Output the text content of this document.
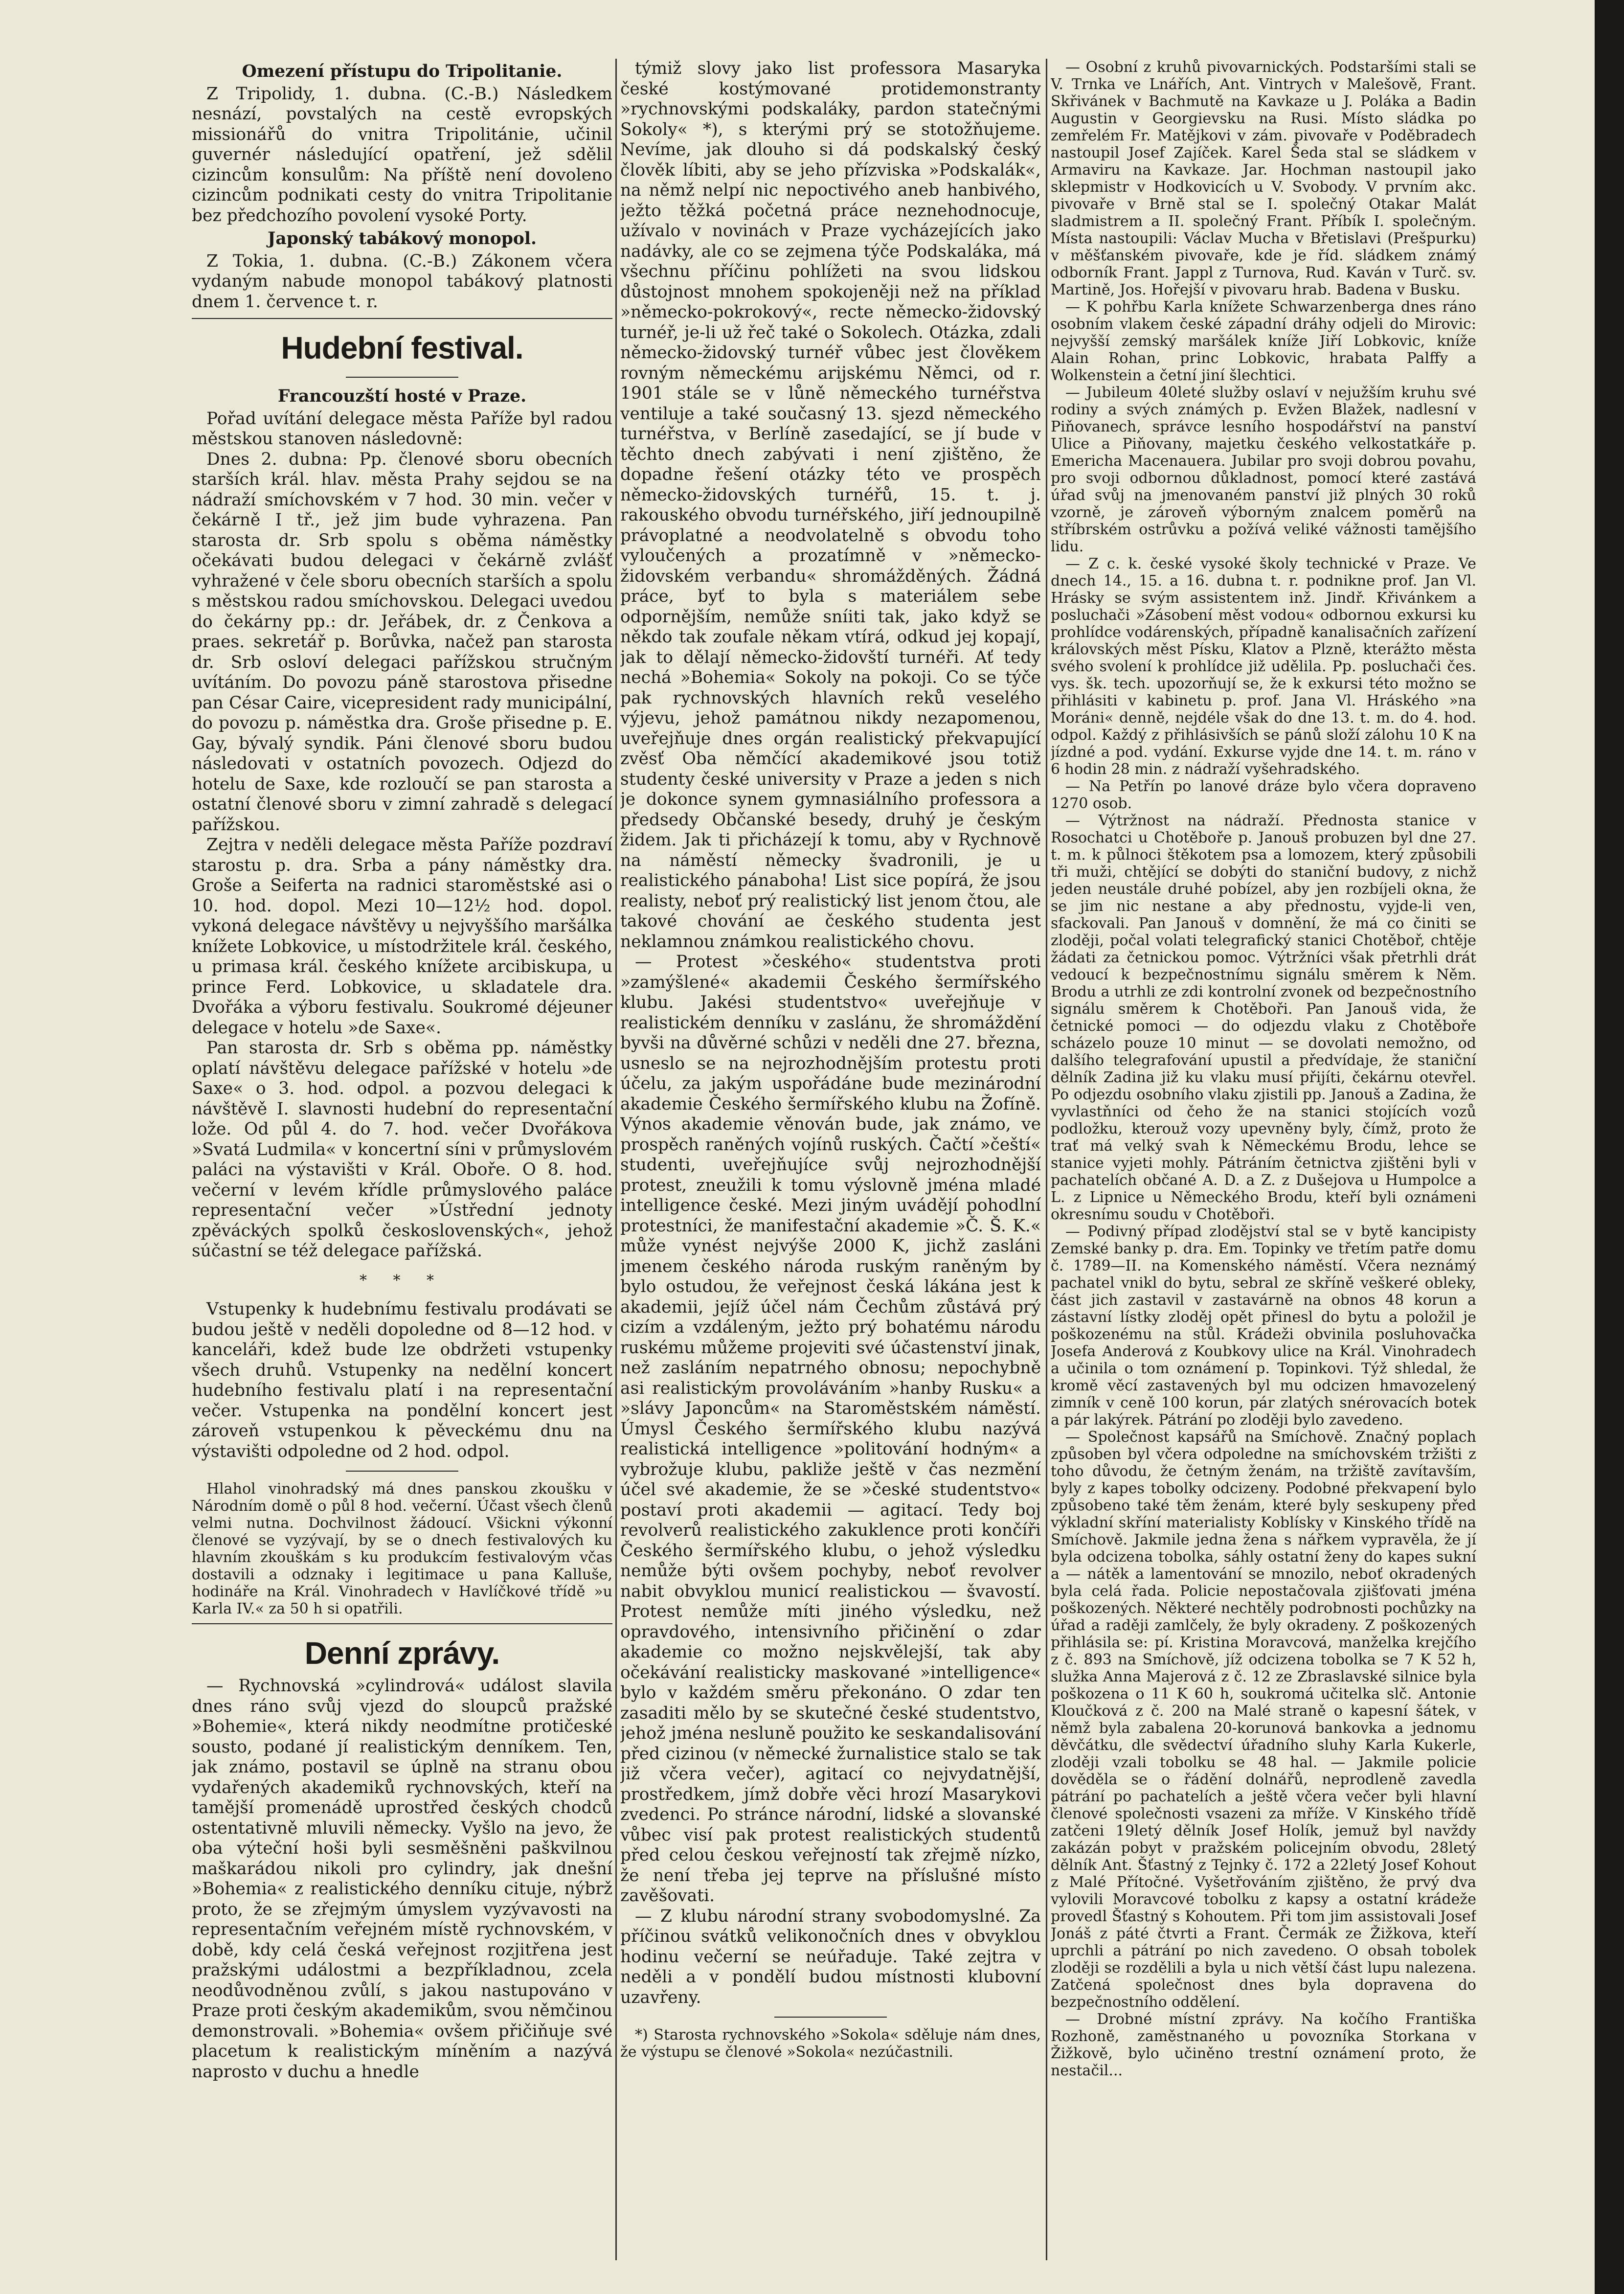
Omezení přístupu do Tripolitanie.

Z Tripolidy, 1. dubna. (C.-B.) Následkem nesnází, povstalých na cestě evropských missionářů do vnitra Tripolitánie, učinil guvernér následující opatření, jež sdělil cizincům konsulům: Na příště není dovoleno cizincům podnikati cesty do vnitra Tripolitanie bez předchozího povolení vysoké Porty.

Japonský tabákový monopol.

Z Tokia, 1. dubna. (C.-B.) Zákonem včera vydaným nabude monopol tabákový platnosti dnem 1. července t. r.

Hudební festival.

Francouzští hosté v Praze.

Pořad uvítání delegace města Paříže byl radou městskou stanoven následovně:

Dnes 2. dubna: Pp. členové sboru obecních starších král. hlav. města Prahy sejdou se na nádraží smíchovském v 7 hod. 30 min. večer v čekárně I tř., jež jim bude vyhrazena. Pan starosta dr. Srb spolu s oběma náměstky očekávati budou delegaci v čekárně zvlášť vyhražené v čele sboru obecních starších a spolu s městskou radou smíchovskou. Delegaci uvedou do čekárny pp.: dr. Jeřábek, dr. z Čenkova a praes. sekretář p. Borůvka, načež pan starosta dr. Srb osloví delegaci pařížskou stručným uvítáním. Do povozu páně starostova přisedne pan César Caire, vicepresident rady municipální, do povozu p. náměstka dra. Groše přisedne p. E. Gay, bývalý syndik. Páni členové sboru budou následovati v ostatních povozech. Odjezd do hotelu de Saxe, kde rozloučí se pan starosta a ostatní členové sboru v zimní zahradě s delegací pařížskou.

Zejtra v neděli delegace města Paříže pozdraví starostu p. dra. Srba a pány náměstky dra. Groše a Seiferta na radnici staroměstské asi o 10. hod. dopol. Mezi 10—12½ hod. dopol. vykoná delegace návštěvy u nejvyššího maršálka knížete Lobkovice, u místodržitele král. českého, u primasa král. českého knížete arcibiskupa, u prince Ferd. Lobkovice, u skladatele dra. Dvořáka a výboru festivalu. Soukromé déjeuner delegace v hotelu »de Saxe«.

Pan starosta dr. Srb s oběma pp. náměstky oplatí návštěvu delegace pařížské v hotelu »de Saxe« o 3. hod. odpol. a pozvou delegaci k návštěvě I. slavnosti hudební do representační lože. Od půl 4. do 7. hod. večer Dvořákova »Svatá Ludmila« v koncertní síni v průmyslovém paláci na výstavišti v Král. Oboře. O 8. hod. večerní v levém křídle průmyslového paláce representační večer »Ústřední jednoty zpěváckých spolků československých«, jehož súčastní se též delegace pařížská.

* * *

Vstupenky k hudebnímu festivalu prodávati se budou ještě v neděli dopoledne od 8—12 hod. v kanceláři, kdež bude lze obdržeti vstupenky všech druhů. Vstupenky na nedělní koncert hudebního festivalu platí i na representační večer. Vstupenka na pondělní koncert jest zároveň vstupenkou k pěveckému dnu na výstavišti odpoledne od 2 hod. odpol.

Hlahol vinohradský má dnes panskou zkoušku v Národním domě o půl 8 hod. večerní. Účast všech členů velmi nutna. Dochvilnost žádoucí. Všickni výkonní členové se vyzývají, by se o dnech festivalových ku hlavním zkouškám s ku produkcím festivalovým včas dostavili a odznaky i legitimace u pana Kalluše, hodináře na Král. Vinohradech v Havlíčkové třídě »u Karla IV.« za 50 h si opatřili.

Denní zprávy.

— Rychnovská »cylindrová« událost slavila dnes ráno svůj vjezd do sloupců pražské »Bohemie«, která nikdy neodmítne protičeské sousto, podané jí realistickým denníkem. Ten, jak známo, postavil se úplně na stranu obou vydařených akademiků rychnovských, kteří na tamější promenádě uprostřed českých chodců ostentativně mluvili německy. Vyšlo na jevo, že oba výteční hoši byli sesměšněni paškvilnou maškarádou nikoli pro cylindry, jak dnešní »Bohemia« z realistického denníku cituje, nýbrž proto, že se zřejmým úmyslem vyzývavosti na representačním veřejném místě rychnovském, v době, kdy celá česká veřejnost rozjitřena jest pražskými událostmi a bezpříkladnou, zcela neodůvodněnou zvůlí, s jakou nastupováno v Praze proti českým akademikům, svou němčinou demonstrovali. »Bohemia« ovšem přičiňuje své placetum k realistickým míněním a nazývá naprosto v duchu a hnedle

týmiž slovy jako list professora Masaryka české kostýmované protidemonstranty »rychnovskými podskaláky, pardon statečnými Sokoly« *), s kterými prý se stotožňujeme. Nevíme, jak dlouho si dá podskalský český člověk líbiti, aby se jeho přízviska »Podskalák«, na němž nelpí nic nepoctivého aneb hanbivého, ježto těžká početná práce neznehodnocuje, užívalo v novinách v Praze vycházejících jako nadávky, ale co se zejmena týče Podskaláka, má všechnu příčinu pohlížeti na svou lidskou důstojnost mnohem spokojeněji než na příklad »německo-pokrokový«, recte německo-židovský turnéř, je-li už řeč také o Sokolech. Otázka, zdali německo-židovský turnéř vůbec jest člověkem rovným německému arijskému Němci, od r. 1901 stále se v lůně německého turnéřstva ventiluje a také současný 13. sjezd německého turnéřstva, v Berlíně zasedající, se jí bude v těchto dnech zabývati i není zjištěno, že dopadne řešení otázky této ve prospěch německo-židovských turnéřů, 15. t. j. rakouského obvodu turnéřského, jiří jednoupilně právoplatné a neodvolatelně s obvodu toho vyloučených a prozatímně v »německo-židovském verbandu« shromážděných. Žádná práce, byť to byla s materiálem sebe odpornějším, nemůže sníiti tak, jako když se někdo tak zoufale někam vtírá, odkud jej kopají, jak to dělají německo-židovští turnéři. Ať tedy nechá »Bohemia« Sokoly na pokoji. Co se týče pak rychnovských hlavních reků veselého výjevu, jehož památnou nikdy nezapomenou, uveřejňuje dnes orgán realistický překvapující zvěsť Oba němčící akademikové jsou totiž studenty české university v Praze a jeden s nich je dokonce synem gymnasiálního professora a předsedy Občanské besedy, druhý je českým židem. Jak ti přicházejí k tomu, aby v Rychnově na náměstí německy švadronili, je u realistického pánaboha! List sice popírá, že jsou realisty, neboť prý realistický list jenom čtou, ale takové chování ae českého studenta jest neklamnou známkou realistického chovu.

— Protest »českého« studentstva proti »zamýšlené« akademii Českého šermířského klubu. Jakési studentstvo« uveřejňuje v realistickém denníku v zaslánu, že shromáždění byvši na důvěrné schůzi v neděli dne 27. března, usneslo se na nejrozhodnějším protestu proti účelu, za jakým uspořádáne bude mezinárodní akademie Českého šermířského klubu na Žofíně. Výnos akademie věnován bude, jak známo, ve prospěch raněných vojínů ruských. Čačtí »čeští« studenti, uveřejňujíce svůj nejrozhodnější protest, zneužili k tomu výslovně jména mladé intelligence české. Mezi jiným uvádějí pohodlní protestníci, že manifestační akademie »Č. Š. K.« může vynést nejvýše 2000 K, jichž zasláni jmenem českého národa ruským raněným by bylo ostudou, že veřejnost česká lákána jest k akademii, jejíž účel nám Čechům zůstává prý cizím a vzdáleným, ježto prý bohatému národu ruskému můžeme projeviti své účastenství jinak, než zasláním nepatrného obnosu; nepochybně asi realistickým provoláváním »hanby Rusku« a »slávy Japoncům« na Staroměstském náměstí. Úmysl Českého šermířského klubu nazývá realistická intelligence »politování hodným« a vybrožuje klubu, pakliže ještě v čas nezmění účel své akademie, že se »české studentstvo« postaví proti akademii — agitací. Tedy boj revolverů realistického zakuklence proti končíři Českého šermířského klubu, o jehož výsledku nemůže býti ovšem pochyby, neboť revolver nabit obvyklou municí realistickou — švavostí. Protest nemůže míti jiného výsledku, než opravdového, intensivního přičinění o zdar akademie co možno nejskvělejší, tak aby očekávání realisticky maskované »intelligence« bylo v každém směru překonáno. O zdar ten zasaditi mělo by se skutečné české studentstvo, jehož jména nesluně použito ke seskandalisování před cizinou (v německé žurnalistice stalo se tak již včera večer), agitací co nejvydatnější, prostředkem, jímž dobře věci hrozí Masarykovi zvedenci. Po stránce národní, lidské a slovanské vůbec visí pak protest realistických studentů před celou českou veřejností tak zřejmě nízko, že není třeba jej teprve na příslušné místo zavěšovati.

— Z klubu národní strany svobodomyslné. Za příčinou svátků velikonočních dnes v obvyklou hodinu večerní se neúřaduje. Také zejtra v neděli a v pondělí budou místnosti klubovní uzavřeny.

*) Starosta rychnovského »Sokola« sděluje nám dnes, že výstupu se členové »Sokola« nezúčastnili.

— Osobní z kruhů pivovarnických. Podstaršími stali se V. Trnka ve Lnářích, Ant. Vintrych v Malešově, Frant. Skřivánek v Bachmutě na Kavkaze u J. Poláka a Badin Augustin v Georgievsku na Rusi. Místo sládka po zemřelém Fr. Matějkovi v zám. pivovaře v Poděbradech nastoupil Josef Zajíček. Karel Šeda stal se sládkem v Armaviru na Kavkaze. Jar. Hochman nastoupil jako sklepmistr v Hodkovicích u V. Svobody. V prvním akc. pivovaře v Brně stal se I. společný Otakar Malát sladmistrem a II. společný Frant. Příbík I. společným. Místa nastoupili: Václav Mucha v Břetislavi (Prešpurku) v měšťanském pivovaře, kde je říd. sládkem známý odborník Frant. Jappl z Turnova, Rud. Kaván v Turč. sv. Martině, Jos. Hořejší v pivovaru hrab. Badena v Busku.

— K pohřbu Karla knížete Schwarzenberga dnes ráno osobním vlakem české západní dráhy odjeli do Mirovic: nejvyšší zemský maršálek kníže Jiří Lobkovic, kníže Alain Rohan, princ Lobkovic, hrabata Palffy a Wolkenstein a četní jiní šlechtici.

— Jubileum 40leté služby oslaví v nejužším kruhu své rodiny a svých známých p. Evžen Blažek, nadlesní v Piňovanech, správce lesního hospodářství na panství Ulice a Piňovany, majetku českého velkostatkáře p. Emericha Macenauera. Jubilar pro svoji dobrou povahu, pro svoji odbornou důkladnost, pomocí které zastává úřad svůj na jmenovaném panství již plných 30 roků vzorně, je zároveň výborným znalcem poměrů na stříbrském ostrůvku a požívá veliké vážnosti tamějšího lidu.

— Z c. k. české vysoké školy technické v Praze. Ve dnech 14., 15. a 16. dubna t. r. podnikne prof. Jan Vl. Hrásky se svým assistentem inž. Jindř. Křivánkem a posluchači »Zásobení měst vodou« odbornou exkursi ku prohlídce vodárenských, případně kanalisačních zařízení královských měst Písku, Klatov a Plzně, kterážto města svého svolení k prohlídce již udělila. Pp. posluchači čes. vys. šk. tech. upozorňují se, že k exkursi této možno se přihlásiti v kabinetu p. prof. Jana Vl. Hráského »na Moráni« denně, nejdéle však do dne 13. t. m. do 4. hod. odpol. Každý z přihlásivších se pánů složí zálohu 10 K na jízdné a pod. vydání. Exkurse vyjde dne 14. t. m. ráno v 6 hodin 28 min. z nádraží vyšehradského.

— Na Petřín po lanové dráze bylo včera dopraveno 1270 osob.

— Výtržnost na nádraží. Přednosta stanice v Rosochatci u Chotěboře p. Janouš probuzen byl dne 27. t. m. k půlnoci štěkotem psa a lomozem, který způsobili tři muži, chtějící se dobýti do staniční budovy, z nichž jeden neustále druhé pobízel, aby jen rozbíjeli okna, že se jim nic nestane a aby přednostu, vyjde-li ven, sfackovali. Pan Janouš v domnění, že má co činiti se zloději, počal volati telegrafický stanici Chotěboř, chtěje žádati za četnickou pomoc. Výtržníci však přetrhli drát vedoucí k bezpečnostnímu signálu směrem k Něm. Brodu a utrhli ze zdi kontrolní zvonek od bezpečnostního signálu směrem k Chotěboři. Pan Janouš vida, že četnické pomoci — do odjezdu vlaku z Chotěboře scházelo pouze 10 minut — se dovolati nemožno, od dalšího telegrafování upustil a předvídaje, že staniční dělník Zadina již ku vlaku musí přijíti, čekárnu otevřel. Po odjezdu osobního vlaku zjistili pp. Janouš a Zadina, že vyvlastňníci od čeho že na stanici stojících vozů podložku, kterouž vozy upevněny byly, čímž, proto že trať má velký svah k Německému Brodu, lehce se stanice vyjeti mohly. Pátráním četnictva zjištěni byli v pachatelích občané A. D. a Z. z Dušejova u Humpolce a L. z Lipnice u Německého Brodu, kteří byli oznámeni okresnímu soudu v Chotěboři.

— Podivný případ zlodějství stal se v bytě kancipisty Zemské banky p. dra. Em. Topinky ve třetím patře domu č. 1789—II. na Komenského náměstí. Včera neznámý pachatel vnikl do bytu, sebral ze skříně veškeré obleky, část jich zastavil v zastavárně na obnos 48 korun a zástavní lístky zloděj opět přinesl do bytu a položil je poškozenému na stůl. Krádeži obvinila posluhovačka Josefa Anderová z Koubkovy ulice na Král. Vinohradech a učinila o tom oznámení p. Topinkovi. Týž shledal, že kromě věcí zastavených byl mu odcizen hmavozelený zimník v ceně 100 korun, pár zlatých snérovacích botek a pár lakýrek. Pátrání po zloději bylo zavedeno.

— Společnost kapsářů na Smíchově. Značný poplach způsoben byl včera odpoledne na smíchovském tržišti z toho důvodu, že četným ženám, na tržiště zavítavším, byly z kapes tobolky odcizeny. Podobné překvapení bylo způsobeno také těm ženám, které byly seskupeny před výkladní skříní materialisty Koblísky v Kinského třídě na Smíchově. Jakmile jedna žena s nářkem vypravěla, že jí byla odcizena tobolka, sáhly ostatní ženy do kapes sukní a — nátěk a lamentování se mnozilo, neboť okradených byla celá řada. Policie nepostačovala zjišťovati jména poškozených. Některé nechtěly podrobnosti pochůzky na úřad a raději zamlčely, že byly okradeny. Z poškozených přihlásila se: pí. Kristina Moravcová, manželka krejčího z č. 893 na Smíchově, jíž odcizena tobolka se 7 K 52 h, služka Anna Majerová z č. 12 ze Zbraslavské silnice byla poškozena o 11 K 60 h, soukromá učitelka slč. Antonie Kloučková z č. 200 na Malé straně o kapesní šátek, v němž byla zabalena 20-korunová bankovka a jednomu děvčátku, dle svědectví úřadního sluhy Karla Kukerle, zloději vzali tobolku se 48 hal. — Jakmile policie dověděla se o řádění dolnářů, neprodleně zavedla pátrání po pachatelích a ještě včera večer byli hlavní členové společnosti vsazeni za mříže. V Kinského třídě zatčeni 19letý dělník Josef Holík, jemuž byl navždy zakázán pobyt v pražském policejním obvodu, 28letý dělník Ant. Šťastný z Tejnky č. 172 a 22letý Josef Kohout z Malé Přítočné. Vyšetřováním zjištěno, že prvý dva vylovili Moravcové tobolku z kapsy a ostatní krádeže provedl Šťastný s Kohoutem. Při tom jim assistovali Josef Jonáš z páté čtvrti a Frant. Čermák ze Žižkova, kteří uprchli a pátrání po nich zavedeno. O obsah tobolek zloději se rozdělili a byla u nich větší část lupu nalezena. Zatčená společnost dnes byla dopravena do bezpečnostního oddělení.

— Drobné místní zprávy. Na kočího Františka Rozhoně, zaměstnaného u povozníka Storkana v Žižkově, bylo učiněno trestní oznámení proto, že nestačil...
